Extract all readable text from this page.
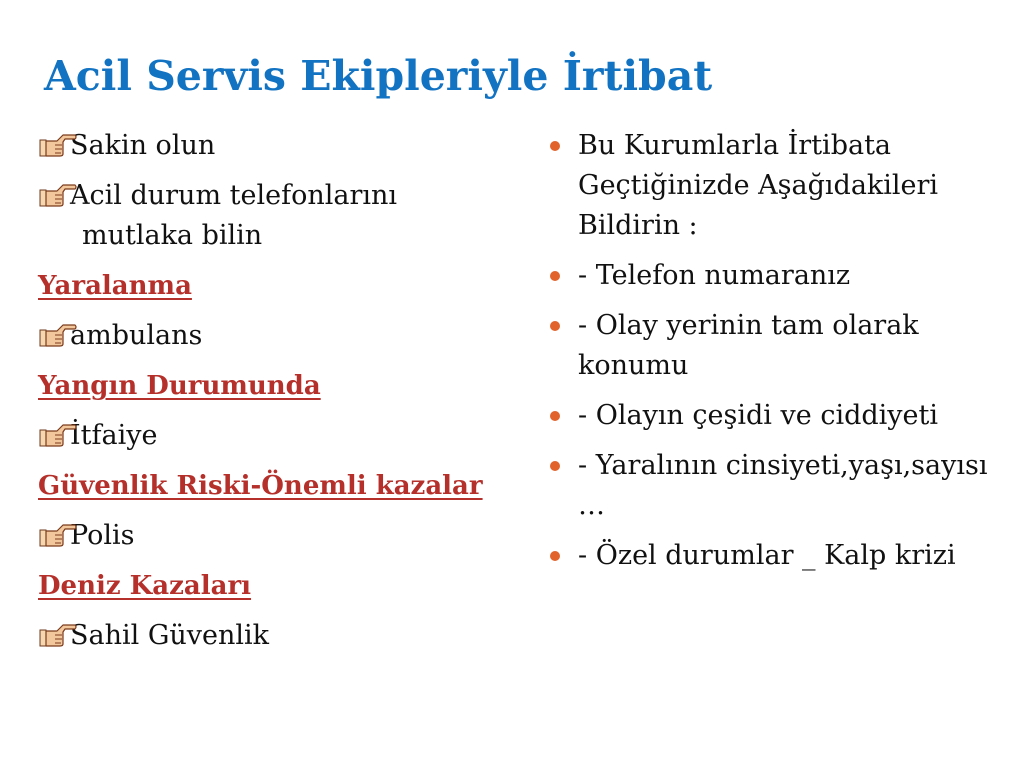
Acil Servis Ekipleriyle İrtibat
Sakin olun
Acil durum telefonlarını mutlaka bilin
Yaralanma
ambulans
Yangın Durumunda
İtfaiye
Güvenlik Riski-Önemli kazalar
Polis
Deniz Kazaları
Sahil Güvenlik
Bu Kurumlarla İrtibata Geçtiğinizde Aşağıdakileri Bildirin :
- Telefon numaranız
- Olay yerinin tam olarak konumu
- Olayın çeşidi ve ciddiyeti
- Yaralının cinsiyeti,yaşı,sayısı …
- Özel durumlar _ Kalp krizi
